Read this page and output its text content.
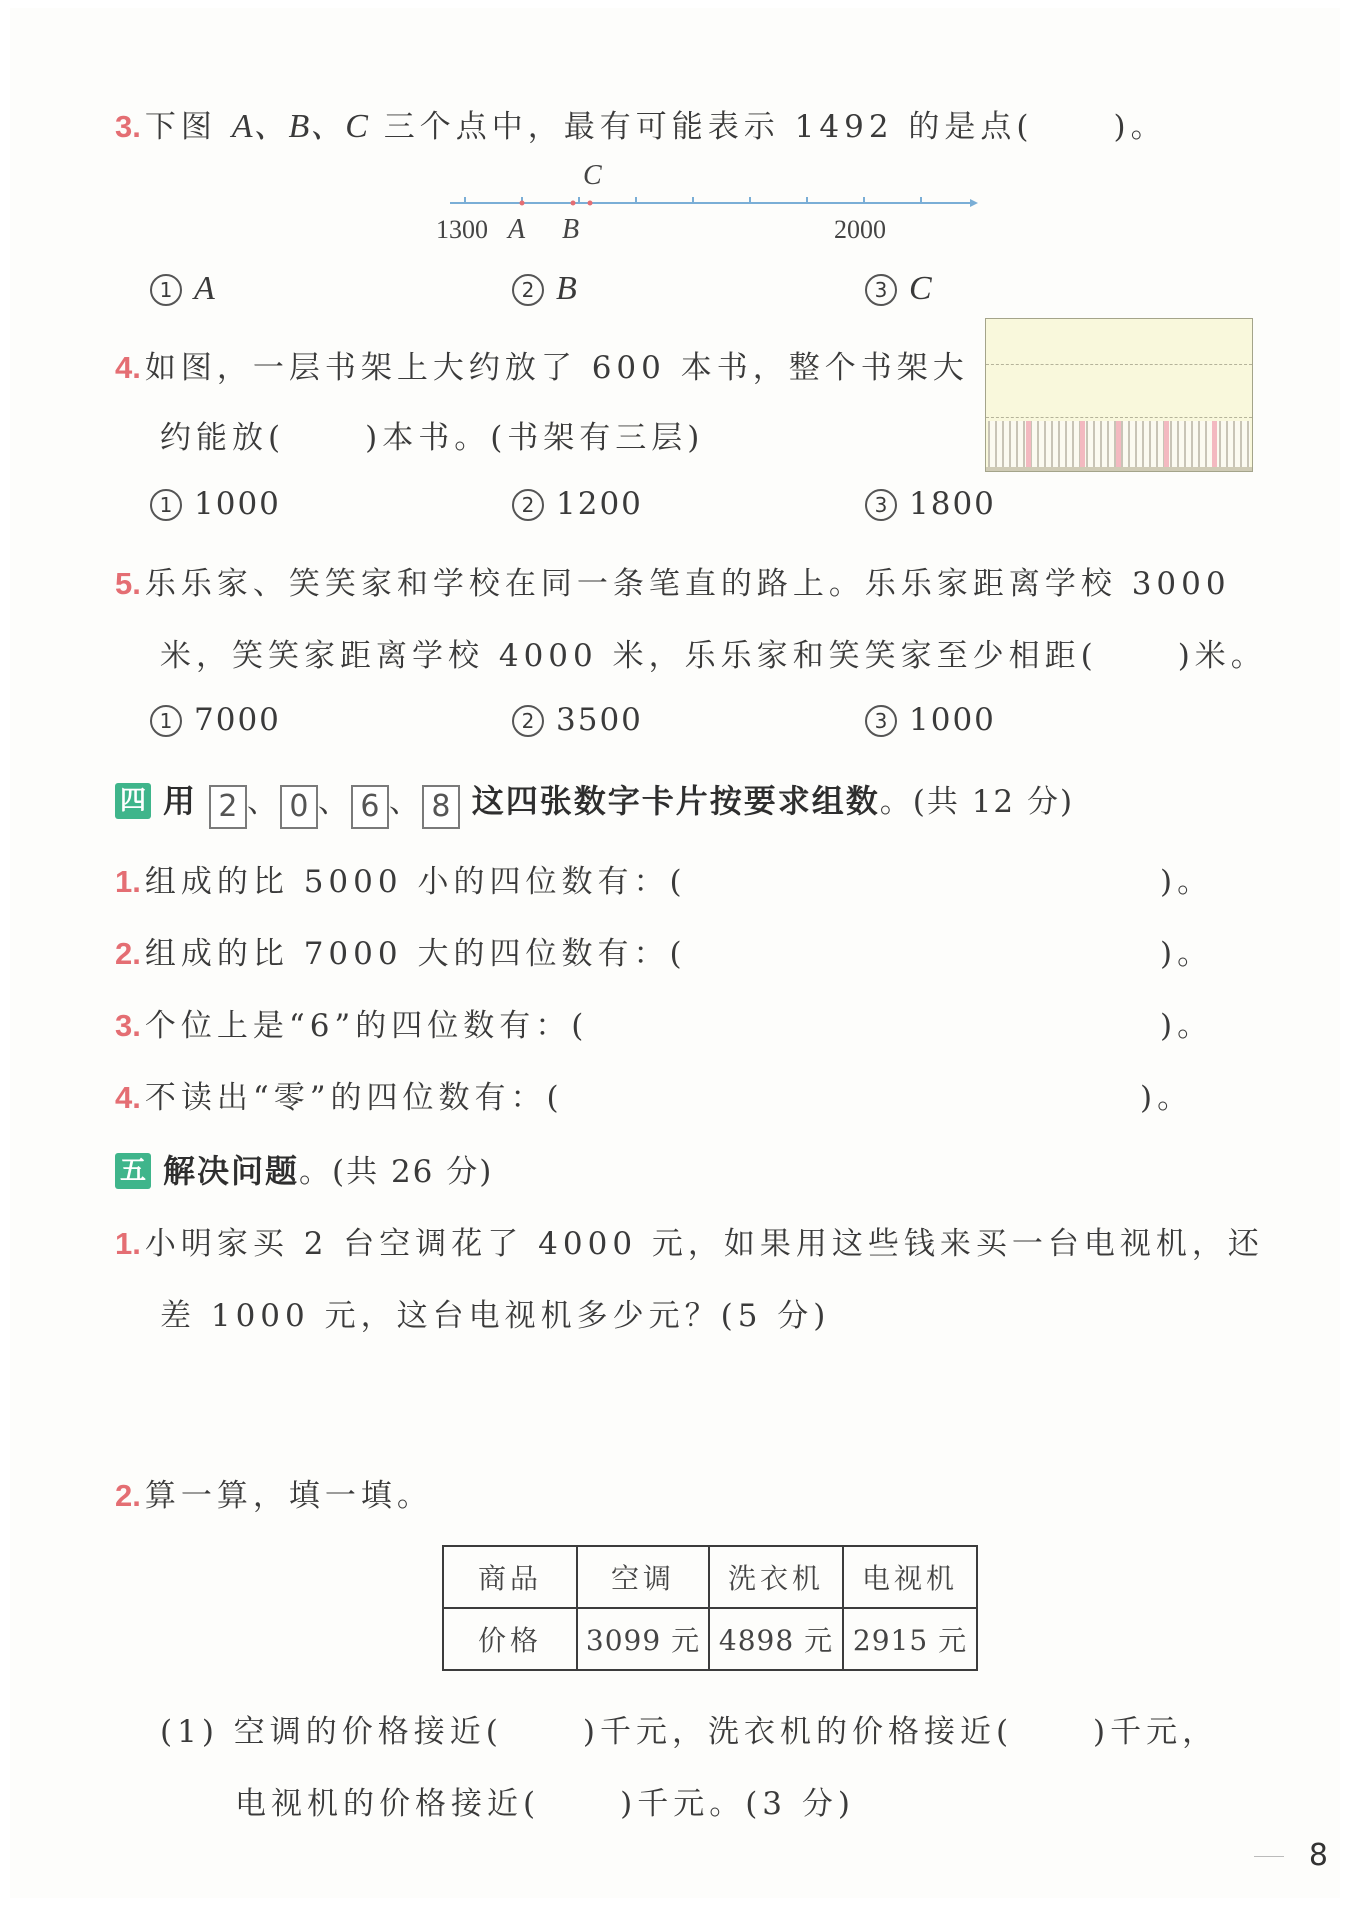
3. 下图 A、B、C 三个点中，最有可能表示 1492 的是点(	)。
1300 A B
C
2000
1 A	2 B	3 C
4. 如图，一层书架上大约放了 600 本书，整个书架大
约能放(	)本书。(书架有三层)
1 1000	2 1200	3 1800
5. 乐乐家、笑笑家和学校在同一条笔直的路上。乐乐家距离学校 3000
米，笑笑家距离学校 4000 米，乐乐家和笑笑家至少相距(	)米。
1 7000	2 3500	3 1000
四 用 2 、 0 、 6 、 8 这四张数字卡片按要求组数。(共 12 分)
1. 组成的比 5000 小的四位数有：(	)。
2. 组成的比 7000 大的四位数有：(	)。
3. 个位上是“6”的四位数有：(	)。
4. 不读出“零”的四位数有：(	)。
五 解决问题。(共 26 分)
1. 小明家买 2 台空调花了 4000 元，如果用这些钱来买一台电视机，还
差 1000 元，这台电视机多少元？(5 分)
2. 算一算，填一填。
商品	空调	洗衣机	电视机
价格	3099 元	4898 元	2915 元
(1) 空调的价格接近(	)千元，洗衣机的价格接近(	)千元，
电视机的价格接近(	)千元。(3 分)
8
